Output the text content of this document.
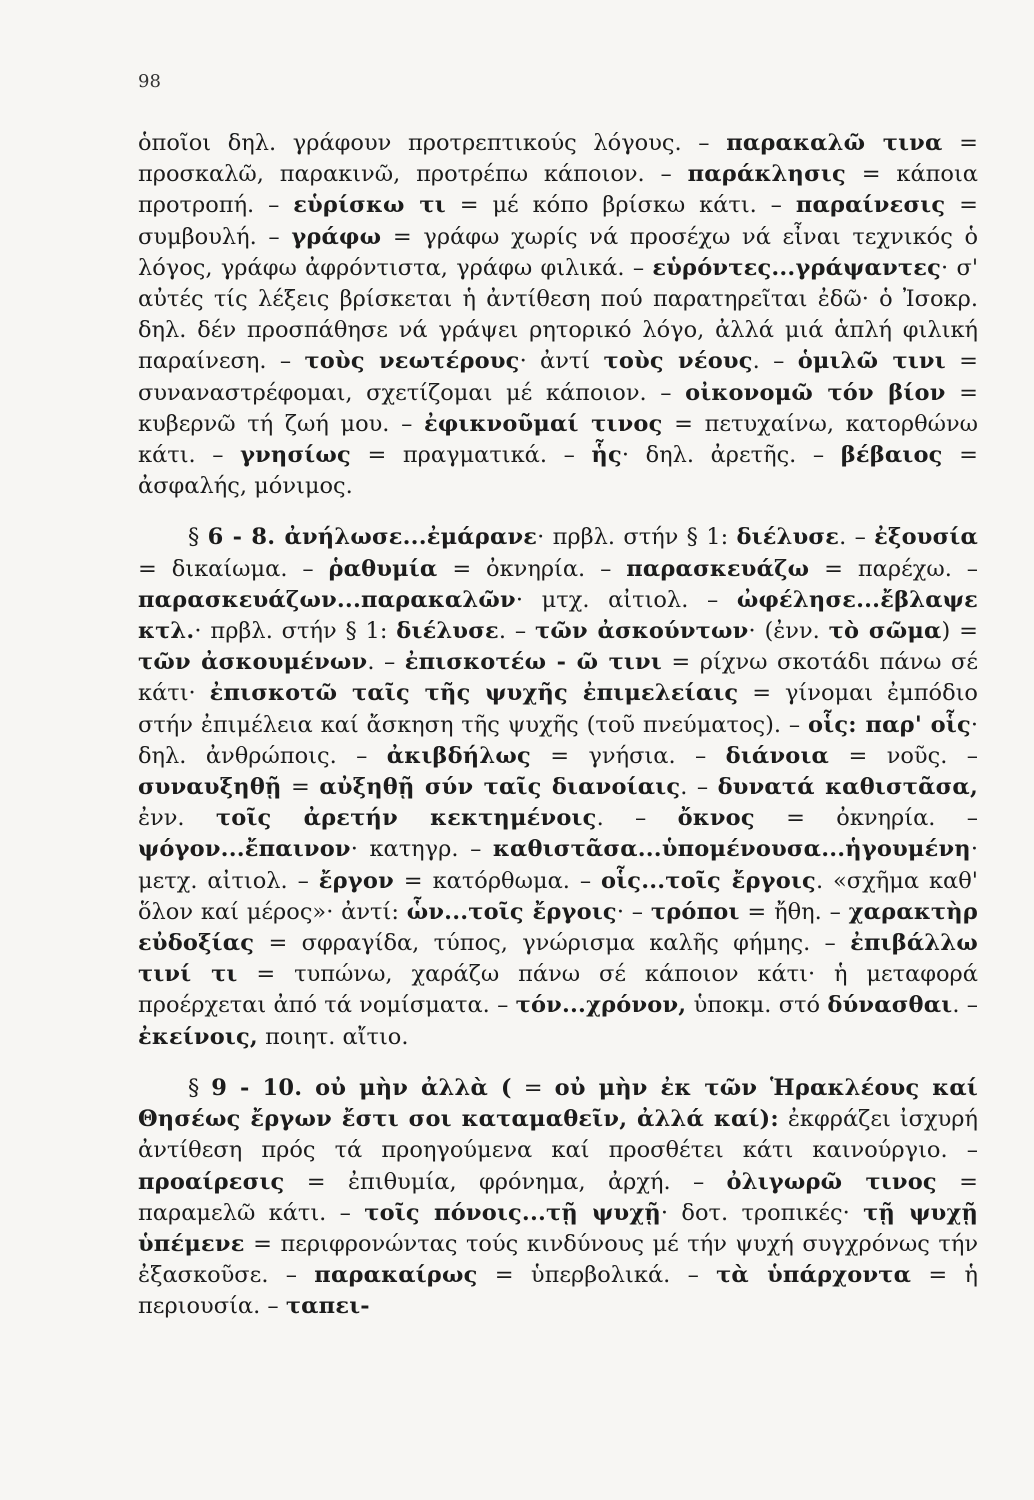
98

ὁποῖοι δηλ. γράφουν προτρεπτικούς λόγους. – παρακαλῶ τινα = προσκαλῶ, παρακινῶ, προτρέπω κάποιον. – παράκλησις = κάποια προτροπή. – εὑρίσκω τι = μέ κόπο βρίσκω κάτι. – παραίνεσις = συμβουλή. – γράφω = γράφω χωρίς νά προσέχω νά εἶναι τεχνικός ὁ λόγος, γράφω ἀφρόντιστα, γράφω φιλικά. – εὑρόντες...γράψαντες· σ' αὐτές τίς λέξεις βρίσκεται ἡ ἀντίθεση πού παρατηρεῖται ἐδῶ· ὁ Ἰσοκρ. δηλ. δέν προσπάθησε νά γράψει ρητορικό λόγο, ἀλλά μιά ἁπλή φιλική παραίνεση. – τοὺς νεωτέρους· ἀντί τοὺς νέους. – ὁμιλῶ τινι = συναναστρέφομαι, σχετίζομαι μέ κάποιον. – οἰκονομῶ τόν βίον = κυβερνῶ τή ζωή μου. – ἐφικνοῦμαί τινος = πετυχαίνω, κατορθώνω κάτι. – γνησίως = πραγματικά. – ἧς· δηλ. ἀρετῆς. – βέβαιος = ἀσφαλής, μόνιμος.

§ 6 - 8. ἀνήλωσε...ἐμάρανε· πρβλ. στήν § 1: διέλυσε. – ἐξουσία = δικαίωμα. – ῥαθυμία = ὀκνηρία. – παρασκευάζω = παρέχω. – παρασκευάζων...παρακαλῶν· μτχ. αἰτιολ. – ὠφέλησε...ἔβλαψε κτλ.· πρβλ. στήν § 1: διέλυσε. – τῶν ἀσκούντων· (ἐνν. τὸ σῶμα) = τῶν ἀσκουμένων. – ἐπισκοτέω - ῶ τινι = ρίχνω σκοτάδι πάνω σέ κάτι· ἐπισκοτῶ ταῖς τῆς ψυχῆς ἐπιμελείαις = γίνομαι ἐμπόδιο στήν ἐπιμέλεια καί ἄσκηση τῆς ψυχῆς (τοῦ πνεύματος). – οἷς: παρ' οἷς· δηλ. ἀνθρώποις. – ἀκιβδήλως = γνήσια. – διάνοια = νοῦς. – συναυξηθῇ = αὐξηθῇ σύν ταῖς διανοίαις. – δυνατά καθιστᾶσα, ἐνν. τοῖς ἀρετήν κεκτημένοις. – ὄκνος = ὀκνηρία. – ψόγον...ἔπαινον· κατηγρ. – καθιστᾶσα...ὑπομένουσα...ἡγουμένη· μετχ. αἰτιολ. – ἔργον = κατόρθωμα. – οἷς...τοῖς ἔργοις. «σχῆμα καθ' ὅλον καί μέρος»· ἀντί: ὧν...τοῖς ἔργοις· – τρόποι = ἤθη. – χαρακτὴρ εὐδοξίας = σφραγίδα, τύπος, γνώρισμα καλῆς φήμης. – ἐπιβάλλω τινί τι = τυπώνω, χαράζω πάνω σέ κάποιον κάτι· ἡ μεταφορά προέρχεται ἀπό τά νομίσματα. – τόν...χρόνον, ὑποκμ. στό δύνασθαι. – ἐκείνοις, ποιητ. αἴτιο.

§ 9 - 10. οὐ μὴν ἀλλὰ ( = οὐ μὴν ἐκ τῶν Ἡρακλέους καί Θησέως ἔργων ἔστι σοι καταμαθεῖν, ἀλλά καί): ἐκφράζει ἰσχυρή ἀντίθεση πρός τά προηγούμενα καί προσθέτει κάτι καινούργιο. – προαίρεσις = ἐπιθυμία, φρόνημα, ἀρχή. – ὀλιγωρῶ τινος = παραμελῶ κάτι. – τοῖς πόνοις...τῇ ψυχῇ· δοτ. τροπικές· τῇ ψυχῇ ὑπέμενε = περιφρονώντας τούς κινδύνους μέ τήν ψυχή συγχρόνως τήν ἐξασκοῦσε. – παρακαίρως = ὑπερβολικά. – τὰ ὑπάρχοντα = ἡ περιουσία. – ταπει-
